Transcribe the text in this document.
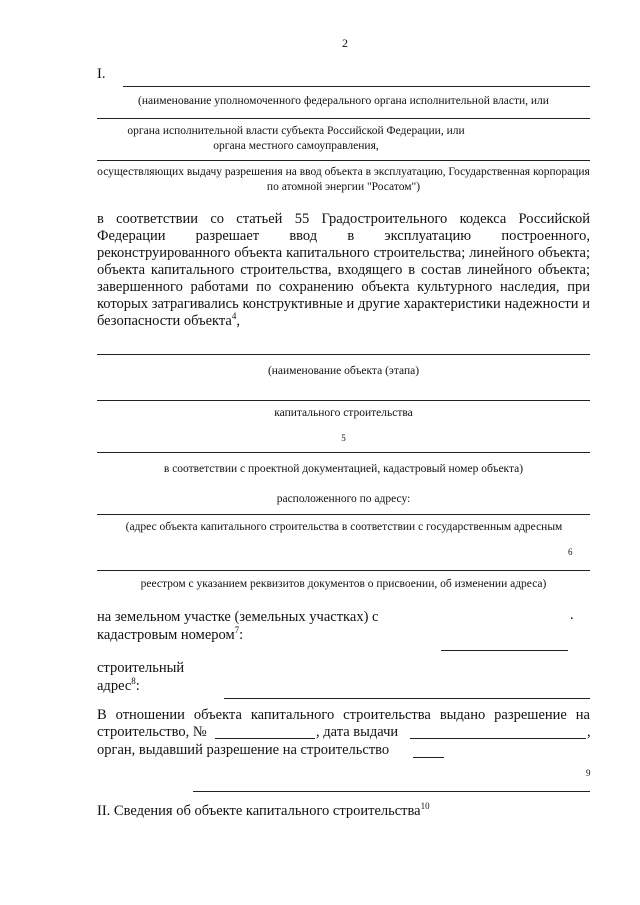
2
I.
(наименование уполномоченного федерального органа исполнительной власти, или
органа исполнительной власти субъекта Российской Федерации, или органа местного самоуправления,
осуществляющих выдачу разрешения на ввод объекта в эксплуатацию, Государственная корпорация по атомной энергии "Росатом")
в соответствии со статьей 55 Градостроительного кодекса Российской Федерации разрешает ввод в эксплуатацию построенного, реконструированного объекта капитального строительства; линейного объекта; объекта капитального строительства, входящего в состав линейного объекта; завершенного работами по сохранению объекта культурного наследия, при которых затрагивались конструктивные и другие характеристики надежности и безопасности объекта$^4$,
(наименование объекта (этапа)
капитального строительства
5
в соответствии с проектной документацией, кадастровый номер объекта)
расположенного по адресу:
(адрес объекта капитального строительства в соответствии с государственным адресным
6
реестром с указанием реквизитов документов о присвоении, об изменении адреса)
на земельном участке (земельных участках) с	.
кадастровым номером$^7$:
строительный
адрес$^8$:
В отношении объекта капитального строительства выдано разрешение на
строительство, №	, дата выдачи	,
орган, выдавший разрешение на строительство
9
II. Сведения об объекте капитального строительства$^{10}$
